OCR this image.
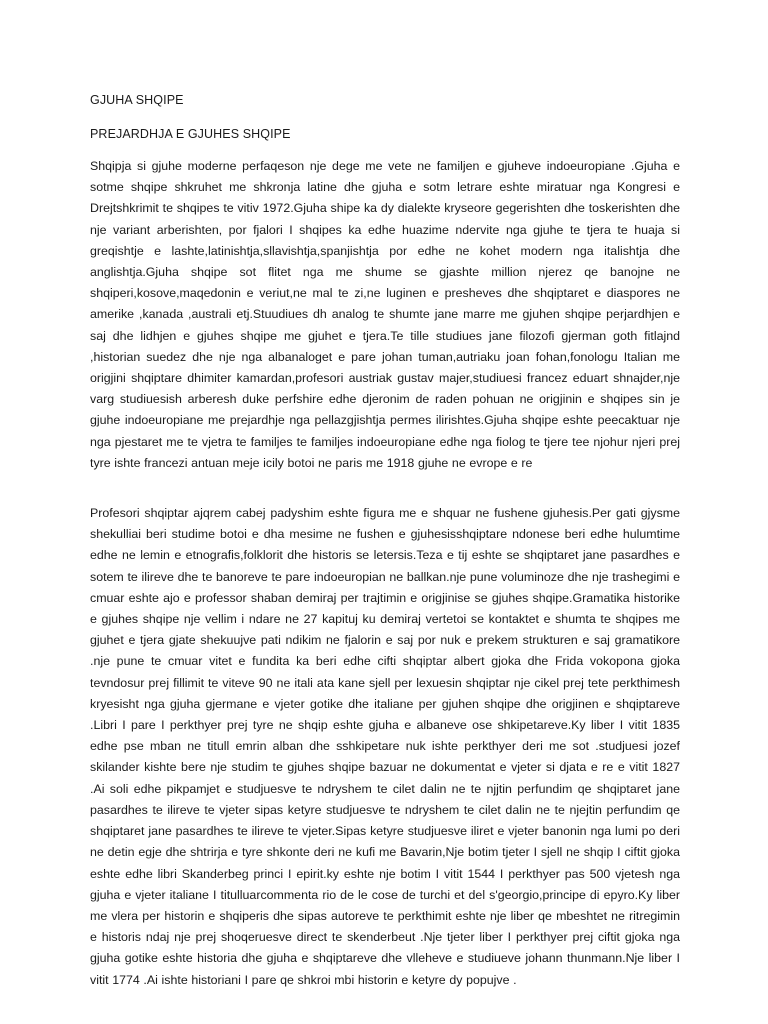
GJUHA SHQIPE

PREJARDHJA E GJUHES SHQIPE

Shqipja si gjuhe moderne perfaqeson nje dege me vete ne familjen e gjuheve indoeuropiane .Gjuha e sotme shqipe shkruhet me shkronja latine dhe gjuha e sotm letrare eshte miratuar nga Kongresi e Drejtshkrimit te shqipes te vitiv 1972.Gjuha shipe ka dy dialekte kryseore gegerishten dhe toskerishten dhe nje variant arberishten, por fjalori I shqipes ka edhe huazime ndervite nga gjuhe te tjera te huaja si greqishtje e lashte,latinishtja,sllavishtja,spanjishtja por edhe ne kohet modern nga italishtja dhe anglishtja.Gjuha shqipe sot flitet nga me shume se gjashte million njerez qe banojne ne shqiperi,kosove,maqedonin e veriut,ne mal te zi,ne luginen e presheves dhe shqiptaret e diaspores ne amerike ,kanada ,australi etj.Stuudiues dh analog te shumte jane marre me gjuhen shqipe perjardhjen e saj dhe lidhjen e gjuhes shqipe me gjuhet e tjera.Te tille studiues jane filozofi gjerman goth fitlajnd ,historian suedez dhe nje nga albanaloget e pare johan tuman,autriaku joan fohan,fonologu Italian me origjini shqiptare dhimiter kamardan,profesori austriak gustav majer,studiuesi francez eduart shnajder,nje varg studiuesish arberesh duke perfshire edhe djeronim de raden pohuan ne origjinin e shqipes sin je gjuhe indoeuropiane me prejardhje nga pellazgjishtja permes ilirishtes.Gjuha shqipe eshte peecaktuar nje nga pjestaret me te vjetra te familjes te familjes indoeuropiane edhe nga fiolog te tjere tee njohur njeri prej tyre ishte francezi antuan meje icily botoi ne paris me 1918 gjuhe ne evrope e re

Profesori shqiptar ajqrem cabej padyshim eshte figura me e shquar ne fushene gjuhesis.Per gati gjysme shekulliai beri studime botoi e dha mesime ne fushen e gjuhesisshqiptare ndonese beri edhe hulumtime edhe ne lemin e etnografis,folklorit dhe historis se letersis.Teza e tij eshte se shqiptaret jane pasardhes e sotem te ilireve dhe te banoreve te pare indoeuropian ne ballkan.nje pune voluminoze dhe nje trashegimi e cmuar eshte ajo e professor shaban demiraj per trajtimin e origjinise se gjuhes shqipe.Gramatika historike e gjuhes shqipe nje vellim i ndare ne 27 kapituj ku demiraj vertetoi se kontaktet e shumta te shqipes me gjuhet e tjera gjate shekuujve pati ndikim ne fjalorin e saj por nuk e prekem strukturen e saj gramatikore .nje pune te cmuar vitet e fundita ka beri edhe cifti shqiptar albert gjoka dhe Frida vokopona gjoka tevndosur prej fillimit te viteve 90 ne itali ata kane sjell per lexuesin shqiptar nje cikel prej tete perkthimesh kryesisht nga gjuha gjermane e vjeter gotike dhe italiane per gjuhen shqipe dhe origjinen e shqiptareve .Libri I pare I perkthyer prej tyre ne shqip eshte gjuha e albaneve ose shkipetareve.Ky liber I vitit 1835 edhe pse mban ne titull emrin alban dhe sshkipetare nuk ishte perkthyer deri me sot .studjuesi jozef skilander kishte bere nje studim te gjuhes shqipe bazuar ne dokumentat e vjeter si djata e re e vitit 1827 .Ai soli edhe pikpamjet e studjuesve te ndryshem te cilet dalin ne te njjtin perfundim qe shqiptaret jane pasardhes te ilireve te vjeter sipas ketyre studjuesve te ndryshem te cilet dalin ne te njejtin perfundim qe shqiptaret jane pasardhes te ilireve te vjeter.Sipas ketyre studjuesve iliret e vjeter banonin nga lumi po deri ne detin egje dhe shtrirja e tyre shkonte deri ne kufi me Bavarin,Nje botim tjeter I sjell ne shqip I ciftit gjoka eshte edhe libri Skanderbeg princi I epirit.ky eshte nje botim I vitit 1544 I perkthyer pas 500 vjetesh nga gjuha e vjeter italiane I titulluarcommenta rio de le cose de turchi et del s'georgio,principe di epyro.Ky liber me vlera per historin e shqiperis dhe sipas autoreve te perkthimit eshte nje liber qe mbeshtet ne ritregimin e historis ndaj nje prej shoqeruesve direct te skenderbeut .Nje tjeter liber I perkthyer prej ciftit gjoka nga gjuha gotike eshte historia dhe gjuha e shqiptareve dhe vlleheve e studiueve johann thunmann.Nje liber I vitit 1774 .Ai ishte historiani I pare qe shkroi mbi historin e ketyre dy popujve .
